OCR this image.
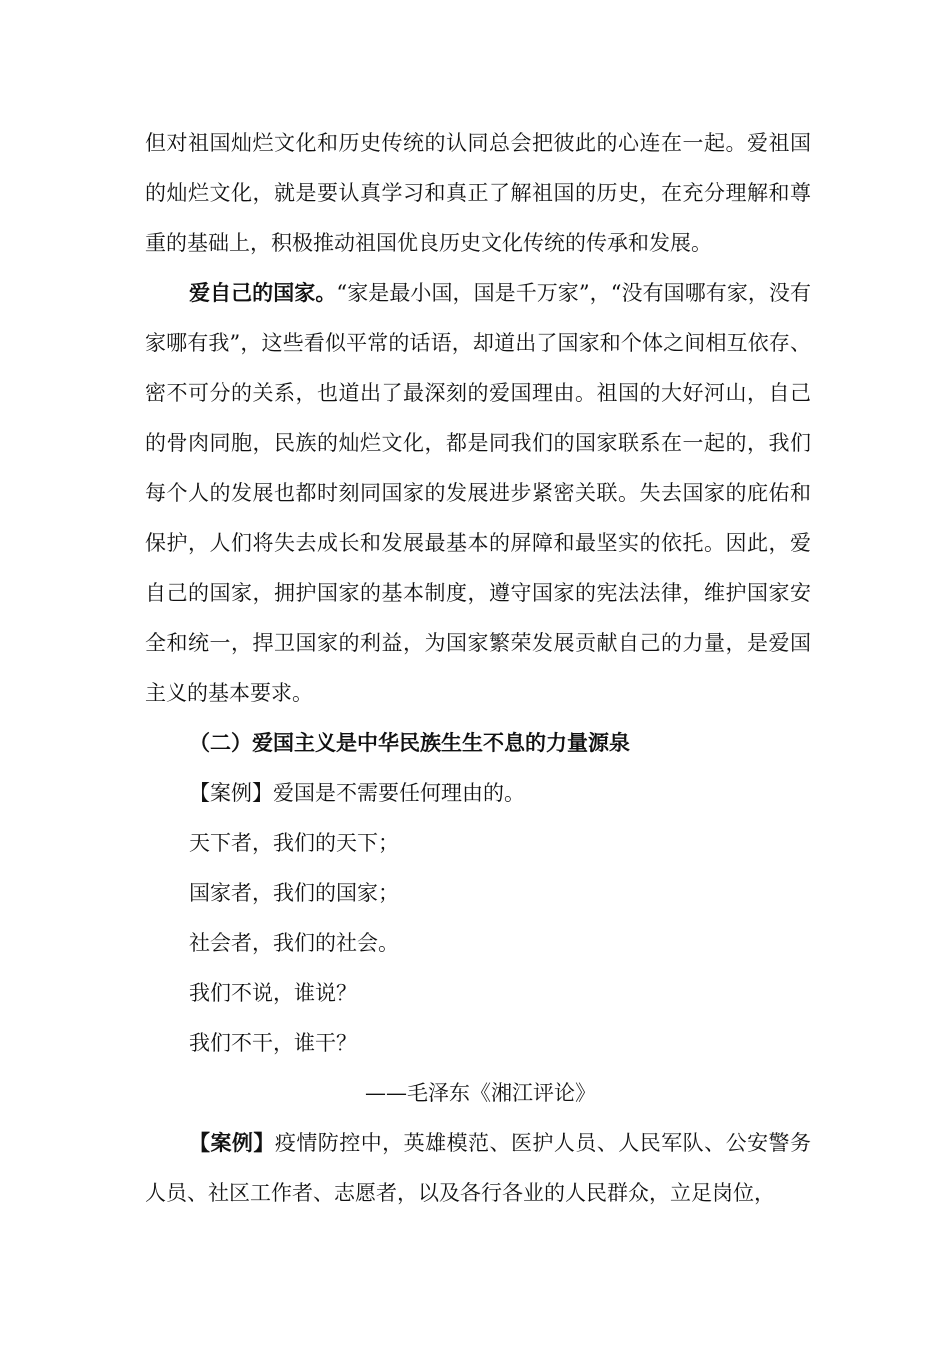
但对祖国灿烂文化和历史传统的认同总会把彼此的心连在一起。爱祖国的灿烂文化，就是要认真学习和真正了解祖国的历史，在充分理解和尊重的基础上，积极推动祖国优良历史文化传统的传承和发展。

爱自己的国家。“家是最小国，国是千万家”，“没有国哪有家，没有家哪有我”，这些看似平常的话语，却道出了国家和个体之间相互依存、密不可分的关系，也道出了最深刻的爱国理由。祖国的大好河山，自己的骨肉同胞，民族的灿烂文化，都是同我们的国家联系在一起的，我们每个人的发展也都时刻同国家的发展进步紧密关联。失去国家的庇佑和保护，人们将失去成长和发展最基本的屏障和最坚实的依托。因此，爱自己的国家，拥护国家的基本制度，遵守国家的宪法法律，维护国家安全和统一，捍卫国家的利益，为国家繁荣发展贡献自己的力量，是爱国主义的基本要求。

（二）爱国主义是中华民族生生不息的力量源泉

【案例】爱国是不需要任何理由的。

天下者，我们的天下；

国家者，我们的国家；

社会者，我们的社会。

我们不说，谁说？

我们不干，谁干？

——毛泽东《湘江评论》

【案例】疫情防控中，英雄模范、医护人员、人民军队、公安警务人员、社区工作者、志愿者，以及各行各业的人民群众，立足岗位，
